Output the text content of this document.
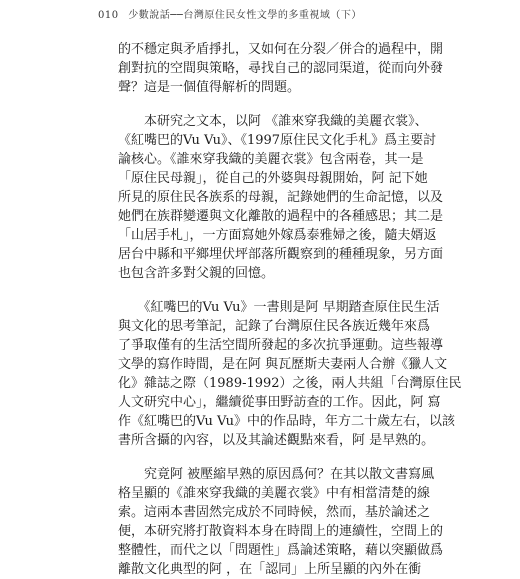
010 少數說話──台灣原住民女性文學的多重視域（下）
的不穩定與矛盾掙扎，又如何在分裂／併合的過程中，開
創對抗的空間與策略，尋找自己的認同渠道，從而向外發
聲？這是一個值得解析的問題。
　　本研究之文本，以阿 《誰來穿我織的美麗衣裳》、
《紅嘴巴的Vu Vu》、《1997原住民文化手札》爲主要討
論核心。《誰來穿我織的美麗衣裳》包含兩卷，其一是
「原住民母親」，從自己的外婆與母親開始，阿 記下她
所見的原住民各族系的母親，記錄她們的生命記憶，以及
她們在族群變遷與文化離散的過程中的各種感思；其二是
「山居手札」，一方面寫她外嫁爲泰雅婦之後，隨夫婿返
居台中縣和平鄉埋伏坪部落所觀察到的種種現象，另方面
也包含許多對父親的回憶。
　　《紅嘴巴的Vu Vu》一書則是阿 早期踏查原住民生活
與文化的思考筆記，記錄了台灣原住民各族近幾年來爲
了爭取僅有的生活空間所發起的多次抗爭運動。這些報導
文學的寫作時間，是在阿 與瓦歷斯夫妻兩人合辦《獵人文
化》雜誌之際（1989-1992）之後，兩人共組「台灣原住民
人文研究中心」，繼續從事田野訪查的工作。因此，阿 寫
作《紅嘴巴的Vu Vu》中的作品時，年方二十歲左右，以該
書所含攝的內容，以及其論述觀點來看，阿 是早熟的。
　　究竟阿 被壓縮早熟的原因爲何？在其以散文書寫風
格呈顯的《誰來穿我織的美麗衣裳》中有相當清楚的線
索。這兩本書固然完成於不同時候，然而，基於論述之
便，本研究將打散資料本身在時間上的連續性，空間上的
整體性，而代之以「問題性」爲論述策略，藉以突顯做爲
離散文化典型的阿 ，在「認同」上所呈顯的內外在衝
